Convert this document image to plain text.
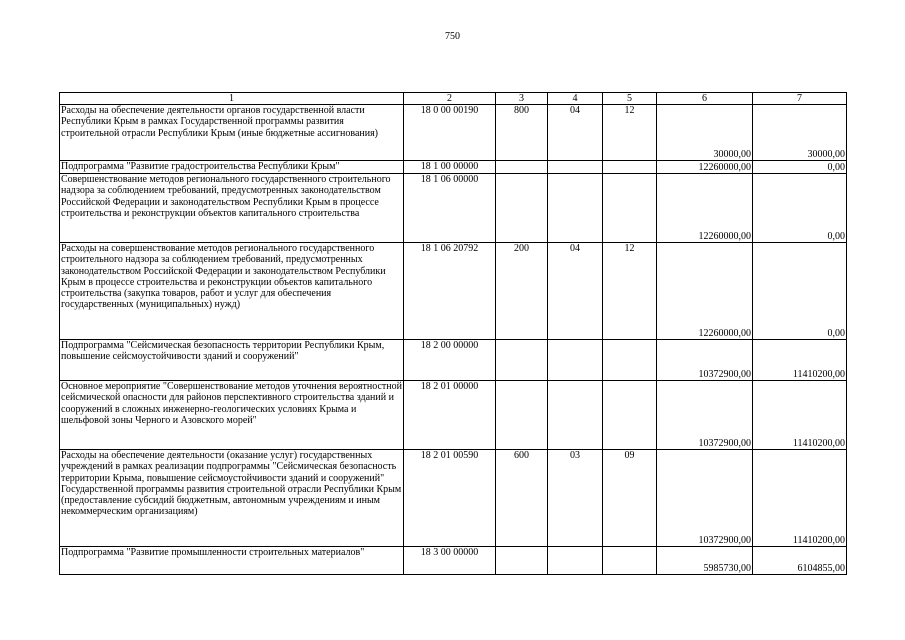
750
1	2	3	4	5	6	7
Расходы на обеспечение деятельности органов государственной власти Республики Крым в рамках Государственной программы развития строительной отрасли Республики Крым (иные бюджетные ассигнования)	18 0 00 00190	800	04	12	30000,00	30000,00
Подпрограмма "Развитие градостроительства Республики Крым"	18 1 00 00000				12260000,00	0,00
Совершенствование методов регионального государственного строительного надзора за соблюдением требований, предусмотренных законодательством Российской Федерации и законодательством Республики Крым в процессе строительства и реконструкции объектов капитального строительства	18 1 06 00000				12260000,00	0,00
Расходы на совершенствование методов регионального государственного строительного надзора за соблюдением требований, предусмотренных законодательством Российской Федерации и законодательством Республики Крым в процессе строительства и реконструкции объектов капитального строительства (закупка товаров, работ и услуг для обеспечения государственных (муниципальных) нужд)	18 1 06 20792	200	04	12	12260000,00	0,00
Подпрограмма "Сейсмическая безопасность территории Республики Крым, повышение сейсмоустойчивости зданий и сооружений"	18 2 00 00000				10372900,00	11410200,00
Основное мероприятие "Совершенствование методов уточнения вероятностной сейсмической опасности для районов перспективного строительства зданий и сооружений в сложных инженерно-геологических условиях Крыма и шельфовой зоны Черного и Азовского морей"	18 2 01 00000				10372900,00	11410200,00
Расходы на обеспечение деятельности (оказание услуг) государственных учреждений в рамках реализации подпрограммы "Сейсмическая безопасность территории Крыма, повышение сейсмоустойчивости зданий и сооружений" Государственной программы развития строительной отрасли Республики Крым (предоставление субсидий бюджетным, автономным учреждениям и иным некоммерческим организациям)	18 2 01 00590	600	03	09	10372900,00	11410200,00
Подпрограмма "Развитие промышленности строительных материалов"	18 3 00 00000				5985730,00	6104855,00
